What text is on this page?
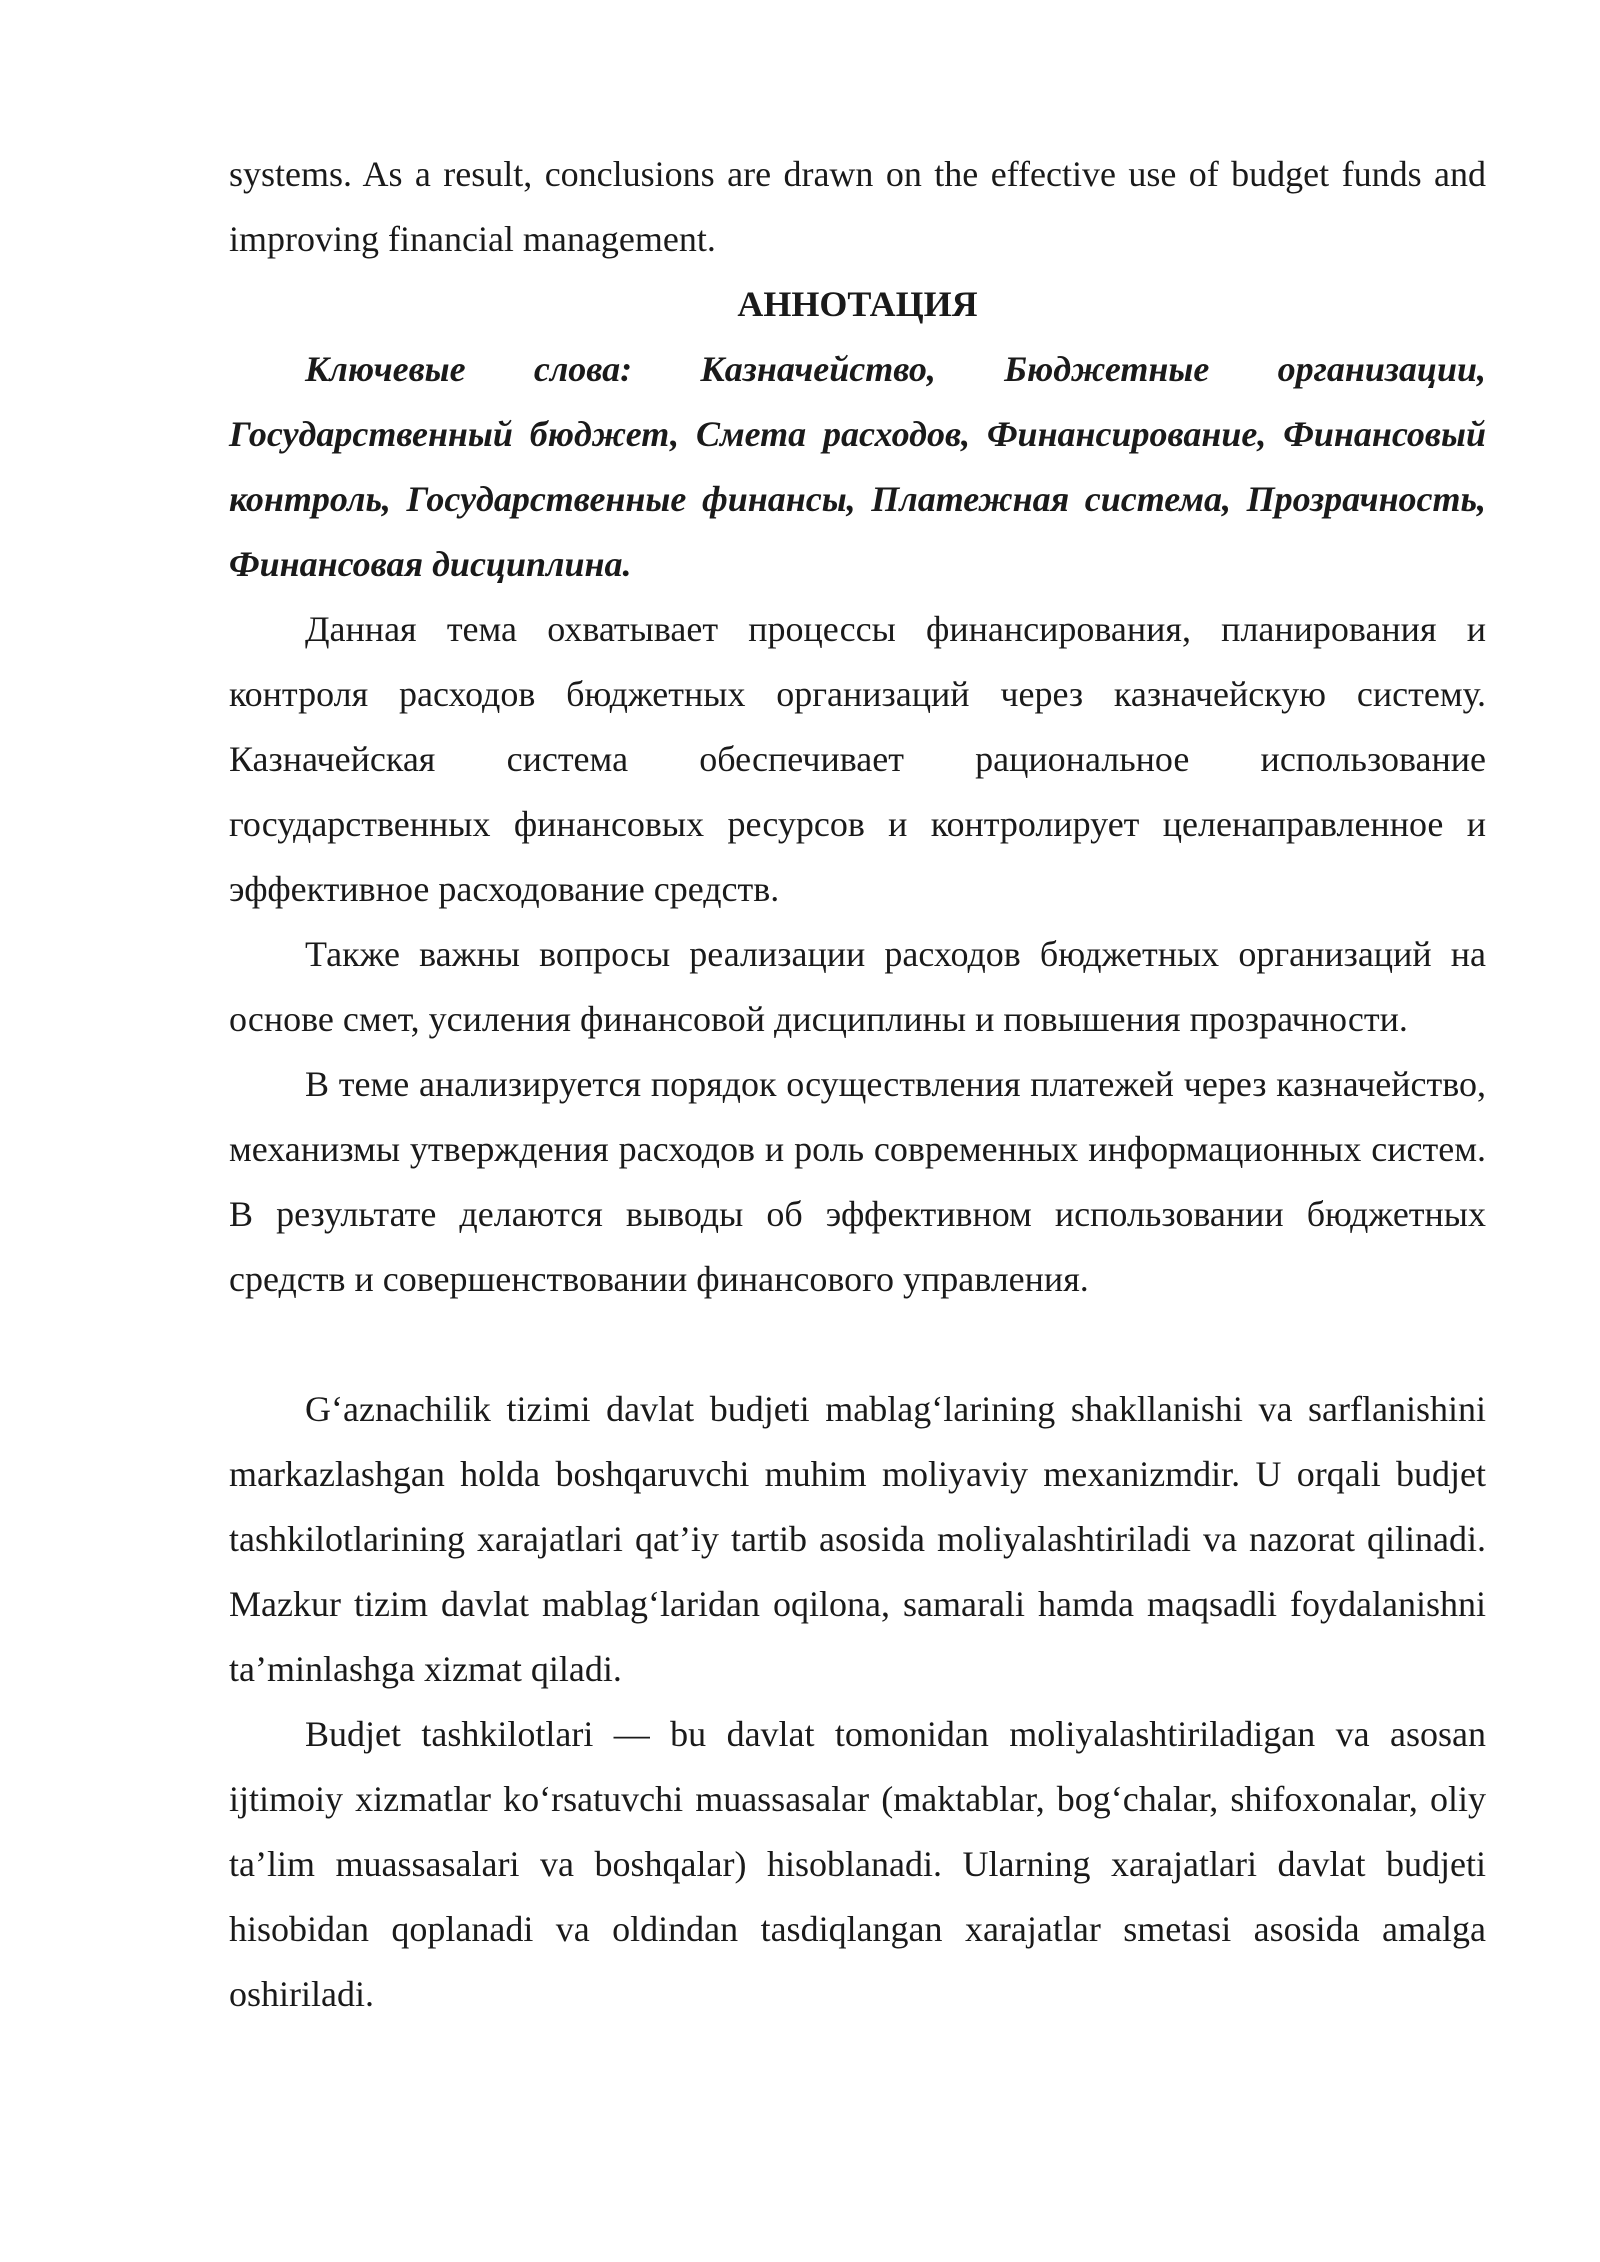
systems. As a result, conclusions are drawn on the effective use of budget funds and improving financial management.

АННОТАЦИЯ

Ключевые слова: Казначейство, Бюджетные организации, Государственный бюджет, Смета расходов, Финансирование, Финансовый контроль, Государственные финансы, Платежная система, Прозрачность, Финансовая дисциплина.

Данная тема охватывает процессы финансирования, планирования и контроля расходов бюджетных организаций через казначейскую систему. Казначейская система обеспечивает рациональное использование государственных финансовых ресурсов и контролирует целенаправленное и эффективное расходование средств.

Также важны вопросы реализации расходов бюджетных организаций на основе смет, усиления финансовой дисциплины и повышения прозрачности.

В теме анализируется порядок осуществления платежей через казначейство, механизмы утверждения расходов и роль современных информационных систем. В результате делаются выводы об эффективном использовании бюджетных средств и совершенствовании финансового управления.

G‘aznachilik tizimi davlat budjeti mablag‘larining shakllanishi va sarflanishini markazlashgan holda boshqaruvchi muhim moliyaviy mexanizmdir. U orqali budjet tashkilotlarining xarajatlari qat’iy tartib asosida moliyalashtiriladi va nazorat qilinadi. Mazkur tizim davlat mablag‘laridan oqilona, samarali hamda maqsadli foydalanishni ta’minlashga xizmat qiladi.

Budjet tashkilotlari — bu davlat tomonidan moliyalashtiriladigan va asosan ijtimoiy xizmatlar ko‘rsatuvchi muassasalar (maktablar, bog‘chalar, shifoxonalar, oliy ta’lim muassasalari va boshqalar) hisoblanadi. Ularning xarajatlari davlat budjeti hisobidan qoplanadi va oldindan tasdiqlangan xarajatlar smetasi asosida amalga oshiriladi.
